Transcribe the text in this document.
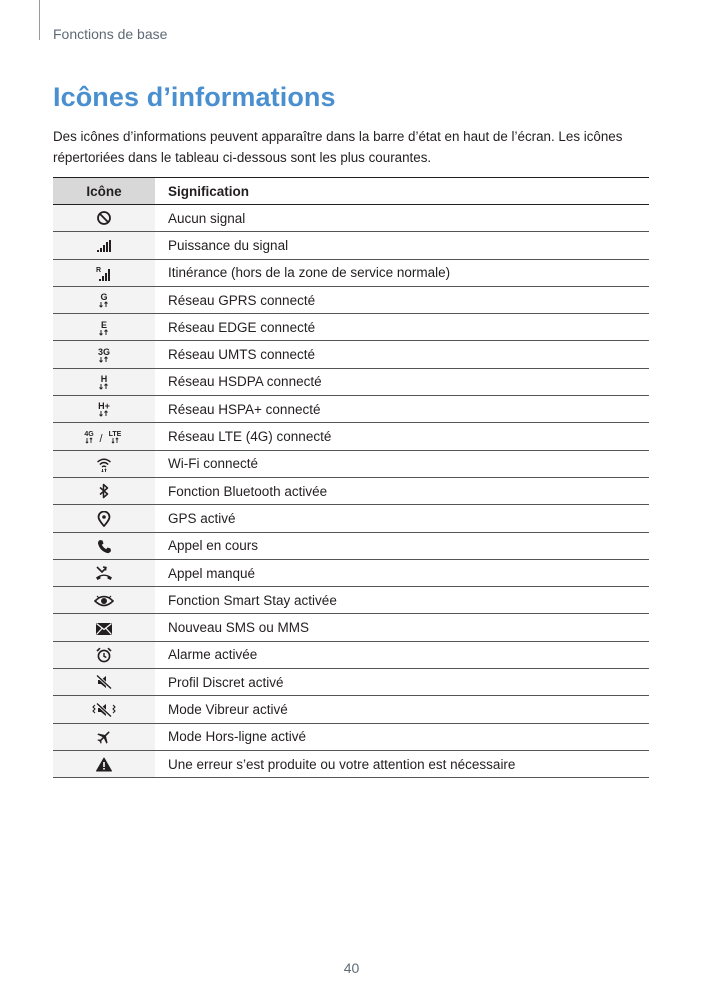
Fonctions de base
Icônes d’informations

Des icônes d’informations peuvent apparaître dans la barre d’état en haut de l’écran. Les icônes répertoriées dans le tableau ci-dessous sont les plus courantes.

Icône	Signification

	Aucun signal

	Puissance du signal

R	Itinérance (hors de la zone de service normale)

G	Réseau GPRS connecté

E	Réseau EDGE connecté

3G	Réseau UMTS connecté

H	Réseau HSDPA connecté

H+	Réseau HSPA+ connecté

4G / LTE	Réseau LTE (4G) connecté

	Wi-Fi connecté

	Fonction Bluetooth activée

	GPS activé

	Appel en cours

	Appel manqué

	Fonction Smart Stay activée

	Nouveau SMS ou MMS

	Alarme activée

	Profil Discret activé

	Mode Vibreur activé

	Mode Hors-ligne activé

	Une erreur s’est produite ou votre attention est nécessaire
40
